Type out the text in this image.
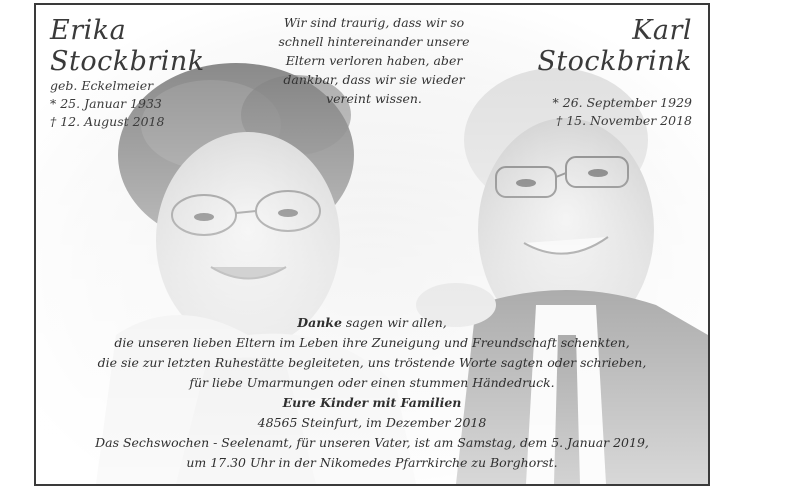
Erika
Stockbrink
geb. Eckelmeier
* 25. Januar 1933
† 12. August 2018
Karl
Stockbrink
* 26. September 1929
† 15. November 2018
Wir sind traurig, dass wir so
schnell hintereinander unsere
Eltern verloren haben, aber
dankbar, dass wir sie wieder
vereint wissen.
Danke sagen wir allen,
die unseren lieben Eltern im Leben ihre Zuneigung und Freundschaft schenkten,
die sie zur letzten Ruhestätte begleiteten, uns tröstende Worte sagten oder schrieben,
für liebe Umarmungen oder einen stummen Händedruck.
Eure Kinder mit Familien
48565 Steinfurt, im Dezember 2018
Das Sechswochen - Seelenamt, für unseren Vater, ist am Samstag, dem 5. Januar 2019,
um 17.30 Uhr in der Nikomedes Pfarrkirche zu Borghorst.
